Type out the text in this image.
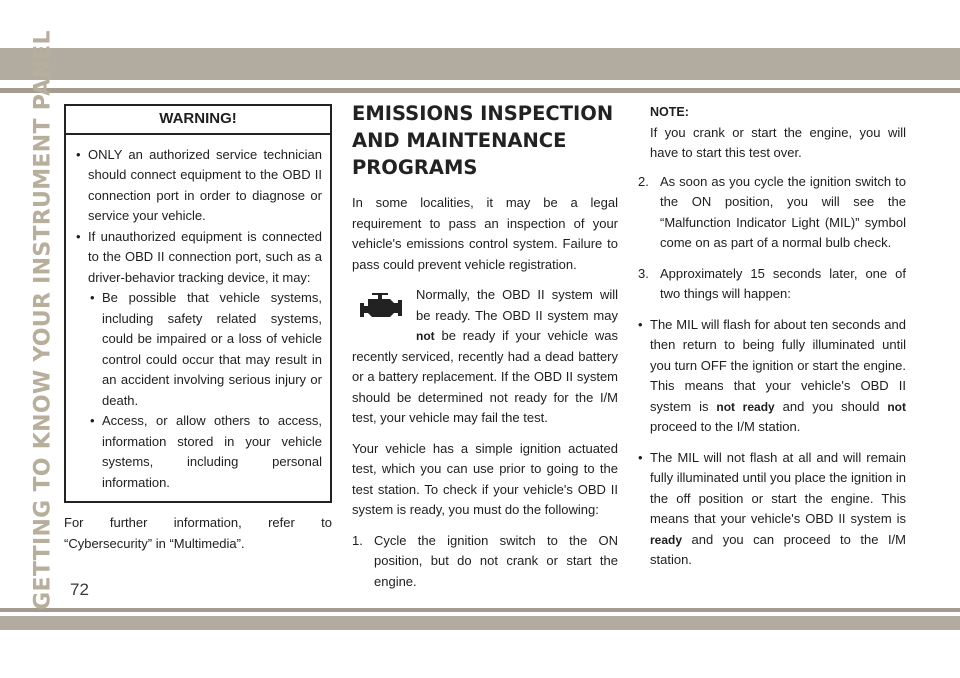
GETTING TO KNOW YOUR INSTRUMENT PANEL 72
WARNING!

• ONLY an authorized service technician should connect equipment to the OBD II connection port in order to diagnose or service your vehicle.

• If unauthorized equipment is connected to the OBD II connection port, such as a driver-behavior tracking device, it may:

• Be possible that vehicle systems, including safety related systems, could be impaired or a loss of vehicle control could occur that may result in an accident involving serious injury or death.

• Access, or allow others to access, information stored in your vehicle systems, including personal information.

For further information, refer to “Cybersecurity” in “Multimedia”.

EMISSIONS INSPECTION
AND MAINTENANCE
PROGRAMS

In some localities, it may be a legal requirement to pass an inspection of your vehicle's emissions control system. Failure to pass could prevent vehicle registration.

Normally, the OBD II system will be ready. The OBD II system may not be ready if your vehicle was recently serviced, recently had a dead battery or a battery replacement. If the OBD II system should be determined not ready for the I/M test, your vehicle may fail the test.

Your vehicle has a simple ignition actuated test, which you can use prior to going to the test station. To check if your vehicle's OBD II system is ready, you must do the following:

1. Cycle the ignition switch to the ON position, but do not crank or start the engine.
NOTE:
If you crank or start the engine, you will have to start this test over.
2. As soon as you cycle the ignition switch to the ON position, you will see the “Malfunction Indicator Light (MIL)” symbol come on as part of a normal bulb check.
3. Approximately 15 seconds later, one of two things will happen:
• The MIL will flash for about ten seconds and then return to being fully illuminated until you turn OFF the ignition or start the engine. This means that your vehicle's OBD II system is not ready and you should not proceed to the I/M station.
• The MIL will not flash at all and will remain fully illuminated until you place the ignition in the off position or start the engine. This means that your vehicle's OBD II system is ready and you can proceed to the I/M station.
